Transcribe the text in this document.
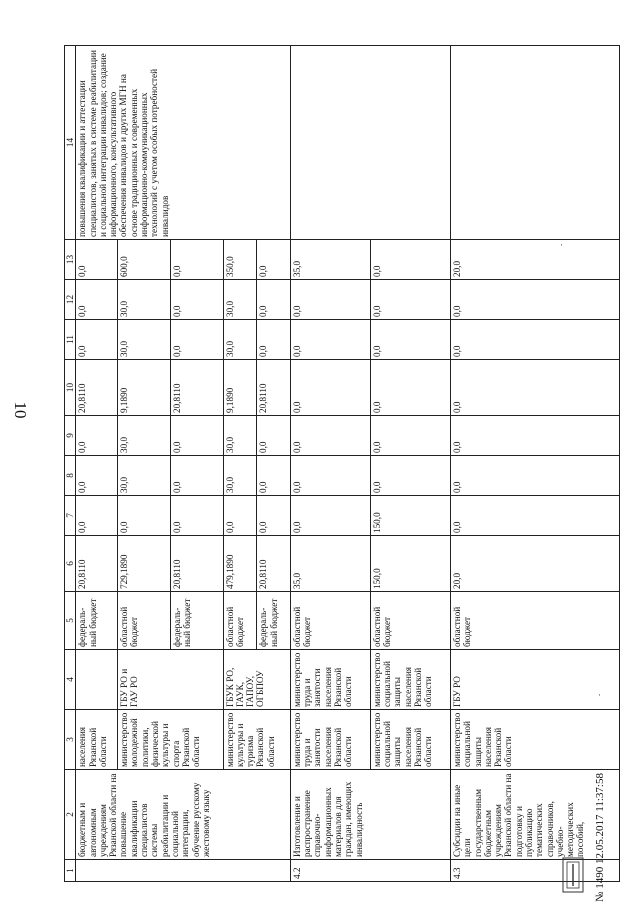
10
1	2	3	4	5	6	7	8	9	10	11	12	13	14
	бюджетным и автономным учреждениям Рязанской области на повышение квалификации специалистов системы реабилитации и социальной интеграции, обучение русскому жестовому языку	населения Рязанской области		федераль-ный бюджет	20,8110	0,0	0,0	0,0	20,8110	0,0	0,0	0,0	повышения квалификации и аттестации специалистов, занятых в системе реабилитации и социальной интеграции инвалидов; создание информационного, консультативного обеспечения инвалидов и других МГН на основе традиционных и современных информационно-коммуникационных технологий с учетом особых потребностей инвалидов
		министерство молодежной политики, физической культуры и спорта Рязанской области	ГБУ РО и ГАУ РО	областной бюджет	729,1890	0,0	30,0	30,0	9,1890	30,0	30,0	600,0	
				федераль-ный бюджет	20,8110	0,0	0,0	0,0	20,8110	0,0	0,0	0,0	
		министерство культуры и туризма Рязанской области	ГБУК РО, ГАУК, ГАПОУ, ОГБПОУ	областной бюджет	479,1890	0,0	30,0	30,0	9,1890	30,0	30,0	350,0	
				федераль-ный бюджет	20,8110	0,0	0,0	0,0	20,8110	0,0	0,0	0,0	
4.2	Изготовление и распространение справочно-информационных материалов для граждан, имеющих инвалидность	министерство труда и занятости населения Рязанской области	министерство труда и занятости населения Рязанской области	областной бюджет	35,0	0,0	0,0	0,0	0,0	0,0	0,0	35,0	
		министерство социальной защиты населения Рязанской области	министерство социальной защиты населения Рязанской области	областной бюджет	150,0	150,0	0,0	0,0	0,0	0,0	0,0	0,0	
4.3	Субсидии на иные цели государственным бюджетным учреждениям Рязанской области на подготовку и публикацию тематических справочников, учебно-методических пособий,	министерство социальной защиты населения Рязанской области	ГБУ РО	областной бюджет	20,0	0,0	0,0	0,0	0,0	0,0	0,0	20,0	
№ 1490 12.05.2017 11:37:58
·
·
